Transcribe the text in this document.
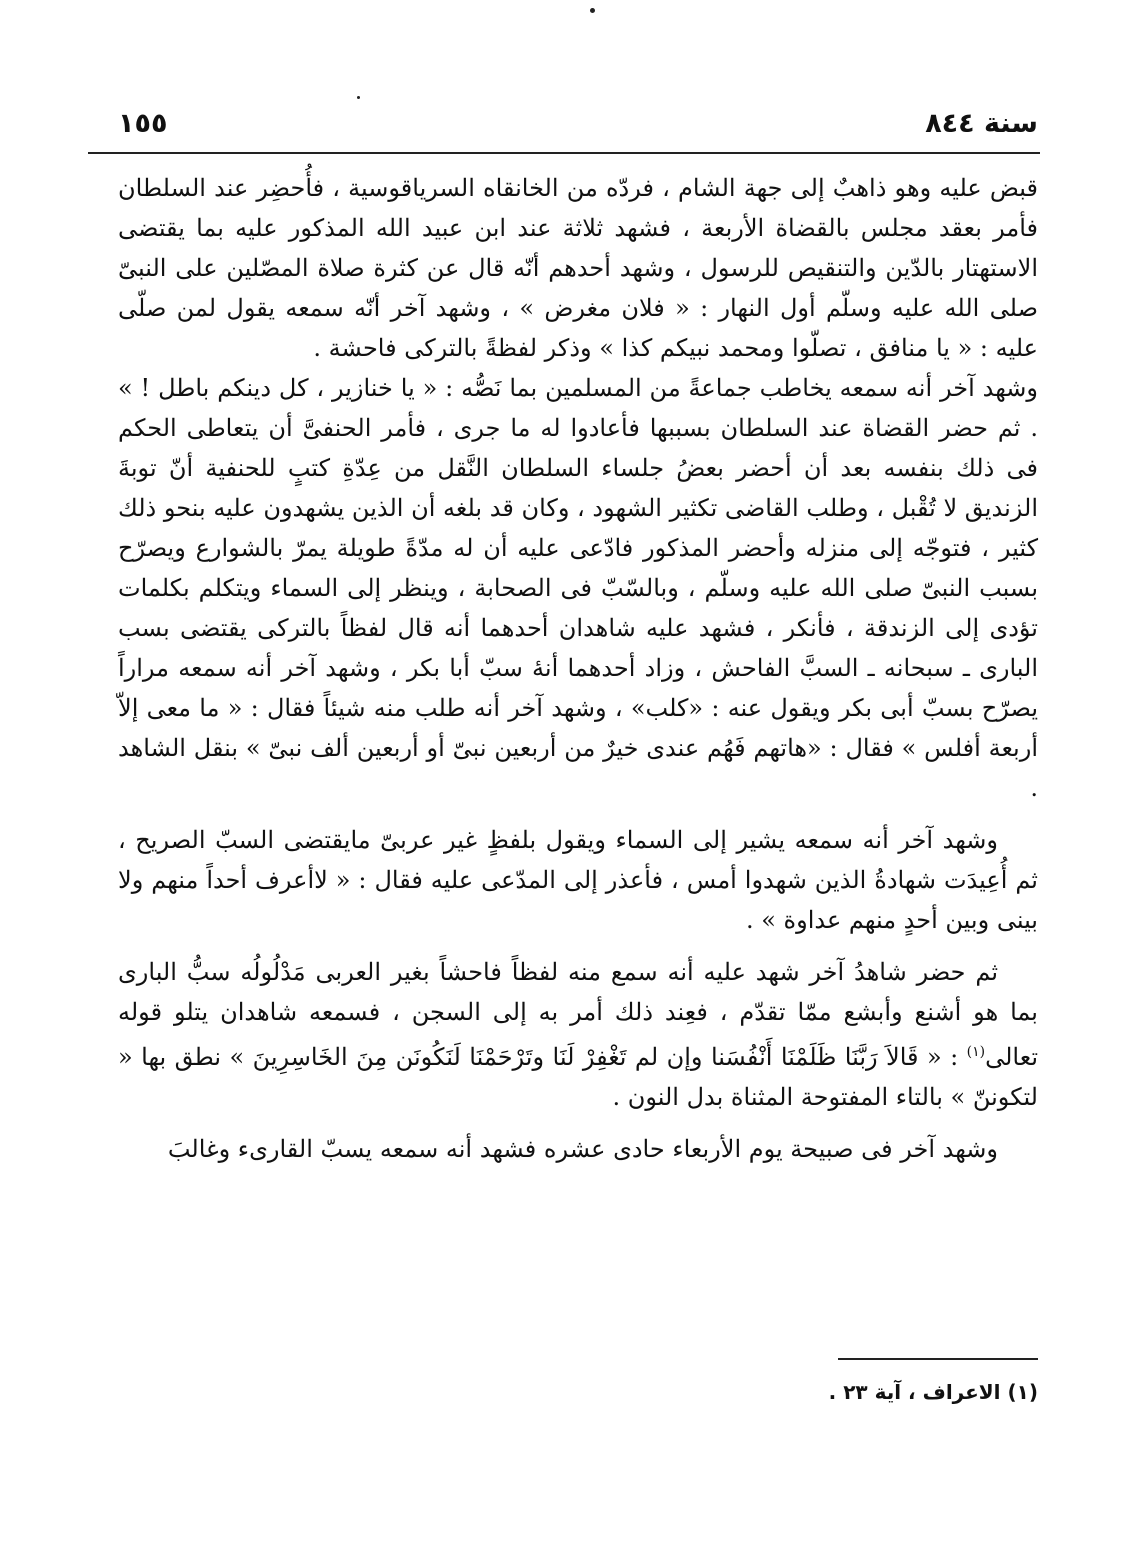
سنة ٨٤٤
١٥٥

قبض عليه وهو ذاهبٌ إلى جهة الشام ، فردّه من الخانقاه السرياقوسية ، فأُحضِر عند السلطان فأمر بعقد مجلس بالقضاة الأربعة ، فشهد ثلاثة عند ابن عبيد الله المذكور عليه بما يقتضى الاستهتار بالدّين والتنقيص للرسول ، وشهد أحدهم أنّه قال عن كثرة صلاة المصّلين على النبىّ صلى الله عليه وسلّم أول النهار : « فلان مغرض » ، وشهد آخر أنّه سمعه يقول لمن صلّى عليه : « يا منافق ، تصلّوا ومحمد نبيكم كذا » وذكر لفظةً بالتركى فاحشة .

وشهد آخر أنه سمعه يخاطب جماعةً من المسلمين بما نَصُّه : « يا خنازير ، كل دينكم باطل ! » . ثم حضر القضاة عند السلطان بسببها فأعادوا له ما جرى ، فأمر الحنفىَّ أن يتعاطى الحكم فى ذلك بنفسه بعد أن أحضر بعضُ جلساء السلطان النَّقل من عِدّةِ كتبٍ للحنفية أنّ توبةَ الزنديق لا تُقْبل ، وطلب القاضى تكثير الشهود ، وكان قد بلغه أن الذين يشهدون عليه بنحو ذلك كثير ، فتوجّه إلى منزله وأحضر المذكور فادّعى عليه أن له مدّةً طويلة يمرّ بالشوارع ويصرّح بسبب النبىّ صلى الله عليه وسلّم ، وبالسّبّ فى الصحابة ، وينظر إلى السماء ويتكلم بكلمات تؤدى إلى الزندقة ، فأنكر ، فشهد عليه شاهدان أحدهما أنه قال لفظاً بالتركى يقتضى بسب البارى ـ سبحانه ـ السبَّ الفاحش ، وزاد أحدهما أنهٔ سبّ أبا بكر ، وشهد آخر أنه سمعه مراراً يصرّح بسبّ أبى بكر ويقول عنه : «كلب» ، وشهد آخر أنه طلب منه شيئاً فقال : « ما معى إلاّ أربعة أفلس » فقال : «هاتهم فَهُم عندى خيرٌ من أربعين نبىّ أو أربعين ألف نبىّ » بنقل الشاهد .

وشهد آخر أنه سمعه يشير إلى السماء ويقول بلفظٍ غير عربىّ مايقتضى السبّ الصريح ، ثم أُعِيدَت شهادةُ الذين شهدوا أمس ، فأعذر إلى المدّعى عليه فقال : « لاأعرف أحداً منهم ولا بينى وبين أحدٍ منهم عداوة » .

ثم حضر شاهدُ آخر شهد عليه أنه سمع منه لفظاً فاحشاً بغير العربى مَدْلُولُه سبُّ البارى بما هو أشنع وأبشع ممّا تقدّم ، فعِند ذلك أمر به إلى السجن ، فسمعه شاهدان يتلو قوله تعالى$^{(١)}$ : « قَالاَ رَبَّنَا ظَلَمْنَا أَنْفُسَنا وإن لم تَغْفِرْ لَنَا وتَرْحَمْنَا لَنَكُونَن مِنَ الخَاسِرِينَ » نطق بها « لتكوننّ » بالتاء المفتوحة المثناة بدل النون .

وشهد آخر فى صبيحة يوم الأربعاء حادى عشره فشهد أنه سمعه يسبّ القارىء وغالبَ

(١) الاعراف ، آية ٢٣ .
